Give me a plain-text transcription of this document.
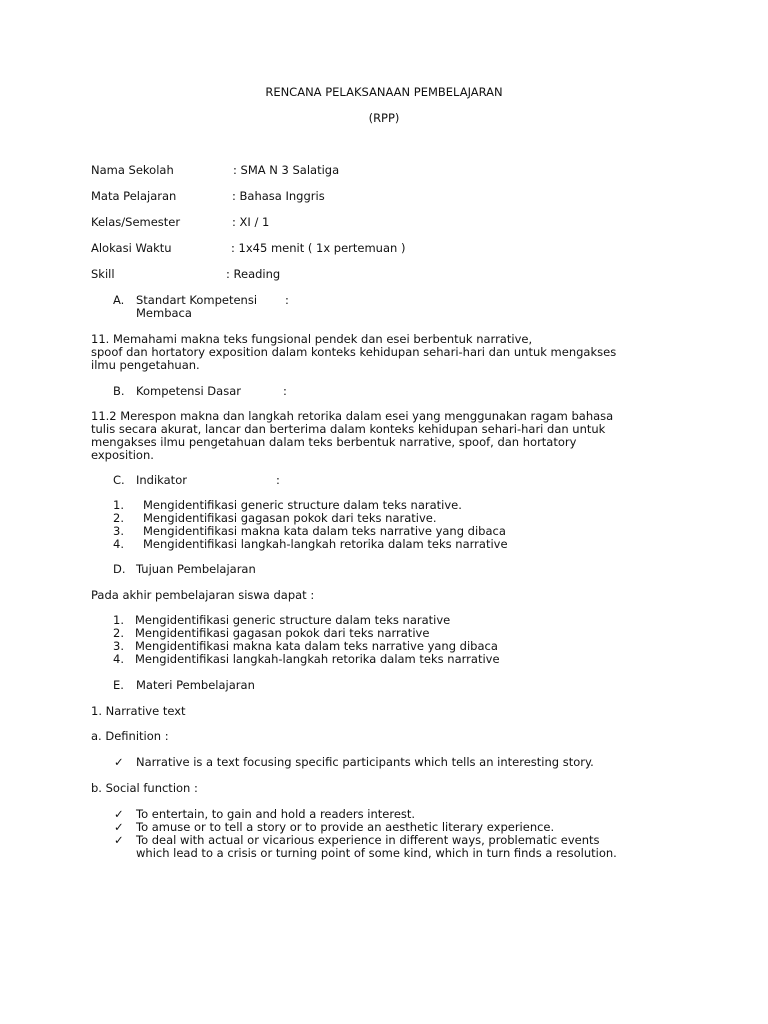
RENCANA PELAKSANAAN PEMBELAJARAN
(RPP)
Nama Sekolah	: SMA N 3 Salatiga
Mata Pelajaran	: Bahasa Inggris
Kelas/Semester	: XI / 1
Alokasi Waktu	: 1x45 menit ( 1x pertemuan )
Skill	: Reading
A. Standart Kompetensi :
Membaca
11. Memahami makna teks fungsional pendek dan esei berbentuk narrative,
spoof dan hortatory exposition dalam konteks kehidupan sehari-hari dan untuk mengakses
ilmu pengetahuan.
B. Kompetensi Dasar	:
11.2 Merespon makna dan langkah retorika dalam esei yang menggunakan ragam bahasa
tulis secara akurat, lancar dan berterima dalam konteks kehidupan sehari-hari dan untuk
mengakses ilmu pengetahuan dalam teks berbentuk narrative, spoof, dan hortatory
exposition.
C. Indikator	:
1. Mengidentifikasi generic structure dalam teks narative.
2. Mengidentifikasi gagasan pokok dari teks narative.
3. Mengidentifikasi makna kata dalam teks narrative yang dibaca
4. Mengidentifikasi langkah-langkah retorika dalam teks narrative
D. Tujuan Pembelajaran
Pada akhir pembelajaran siswa dapat :
1. Mengidentifikasi generic structure dalam teks narative
2. Mengidentifikasi gagasan pokok dari teks narrative
3. Mengidentifikasi makna kata dalam teks narrative yang dibaca
4. Mengidentifikasi langkah-langkah retorika dalam teks narrative
E. Materi Pembelajaran
1. Narrative text
a. Definition :
✓ Narrative is a text focusing specific participants which tells an interesting story.
b. Social function :
✓ To entertain, to gain and hold a readers interest.
✓ To amuse or to tell a story or to provide an aesthetic literary experience.
✓ To deal with actual or vicarious experience in different ways, problematic events
which lead to a crisis or turning point of some kind, which in turn finds a resolution.
